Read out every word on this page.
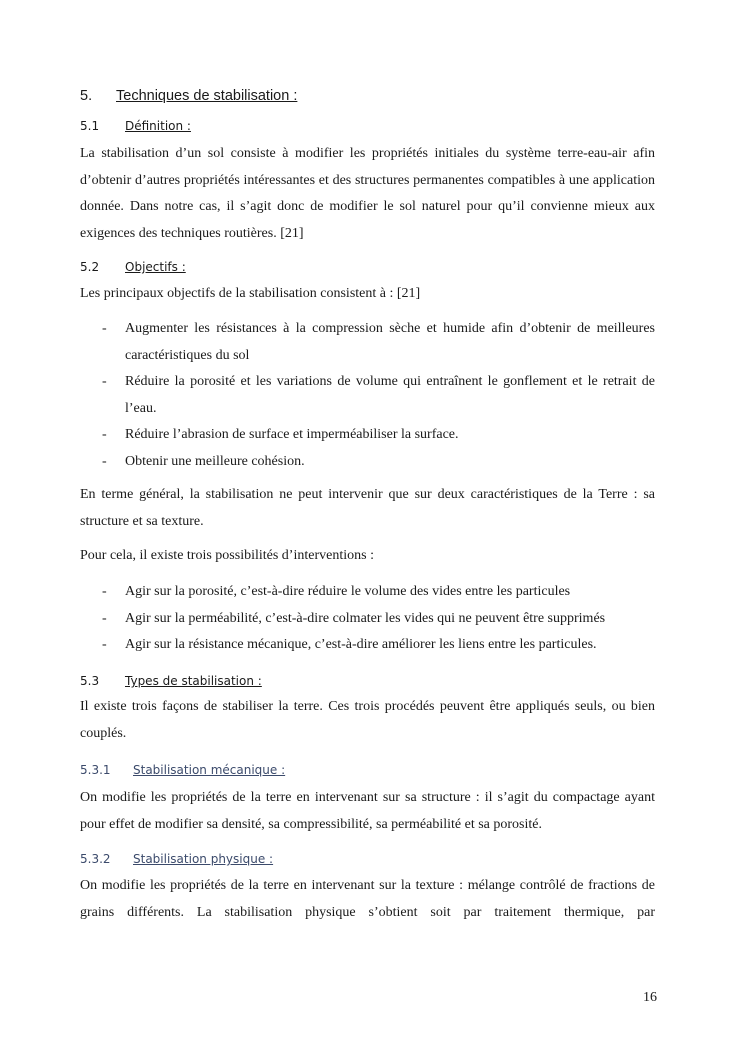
5. Techniques de stabilisation :
5.1 Définition :
La stabilisation d’un sol consiste à modifier les propriétés initiales du système terre-eau-air afin d’obtenir d’autres propriétés intéressantes et des structures permanentes compatibles à une application donnée. Dans notre cas, il s’agit donc de modifier le sol naturel pour qu’il convienne mieux aux exigences des techniques routières. [21]
5.2 Objectifs :
Les principaux objectifs de la stabilisation consistent à : [21]
- Augmenter les résistances à la compression sèche et humide afin d’obtenir de meilleures caractéristiques du sol
- Réduire la porosité et les variations de volume qui entraînent le gonflement et le retrait de l’eau.
- Réduire l’abrasion de surface et imperméabiliser la surface.
- Obtenir une meilleure cohésion.
En terme général, la stabilisation ne peut intervenir que sur deux caractéristiques de la Terre : sa structure et sa texture.
Pour cela, il existe trois possibilités d’interventions :
- Agir sur la porosité, c’est-à-dire réduire le volume des vides entre les particules
- Agir sur la perméabilité, c’est-à-dire colmater les vides qui ne peuvent être supprimés
- Agir sur la résistance mécanique, c’est-à-dire améliorer les liens entre les particules.
5.3 Types de stabilisation :
Il existe trois façons de stabiliser la terre. Ces trois procédés peuvent être appliqués seuls, ou bien couplés.
5.3.1 Stabilisation mécanique :
On modifie les propriétés de la terre en intervenant sur sa structure : il s’agit du compactage ayant pour effet de modifier sa densité, sa compressibilité, sa perméabilité et sa porosité.
5.3.2 Stabilisation physique :
On modifie les propriétés de la terre en intervenant sur la texture : mélange contrôlé de fractions de grains différents. La stabilisation physique s’obtient soit par traitement thermique, par
16
